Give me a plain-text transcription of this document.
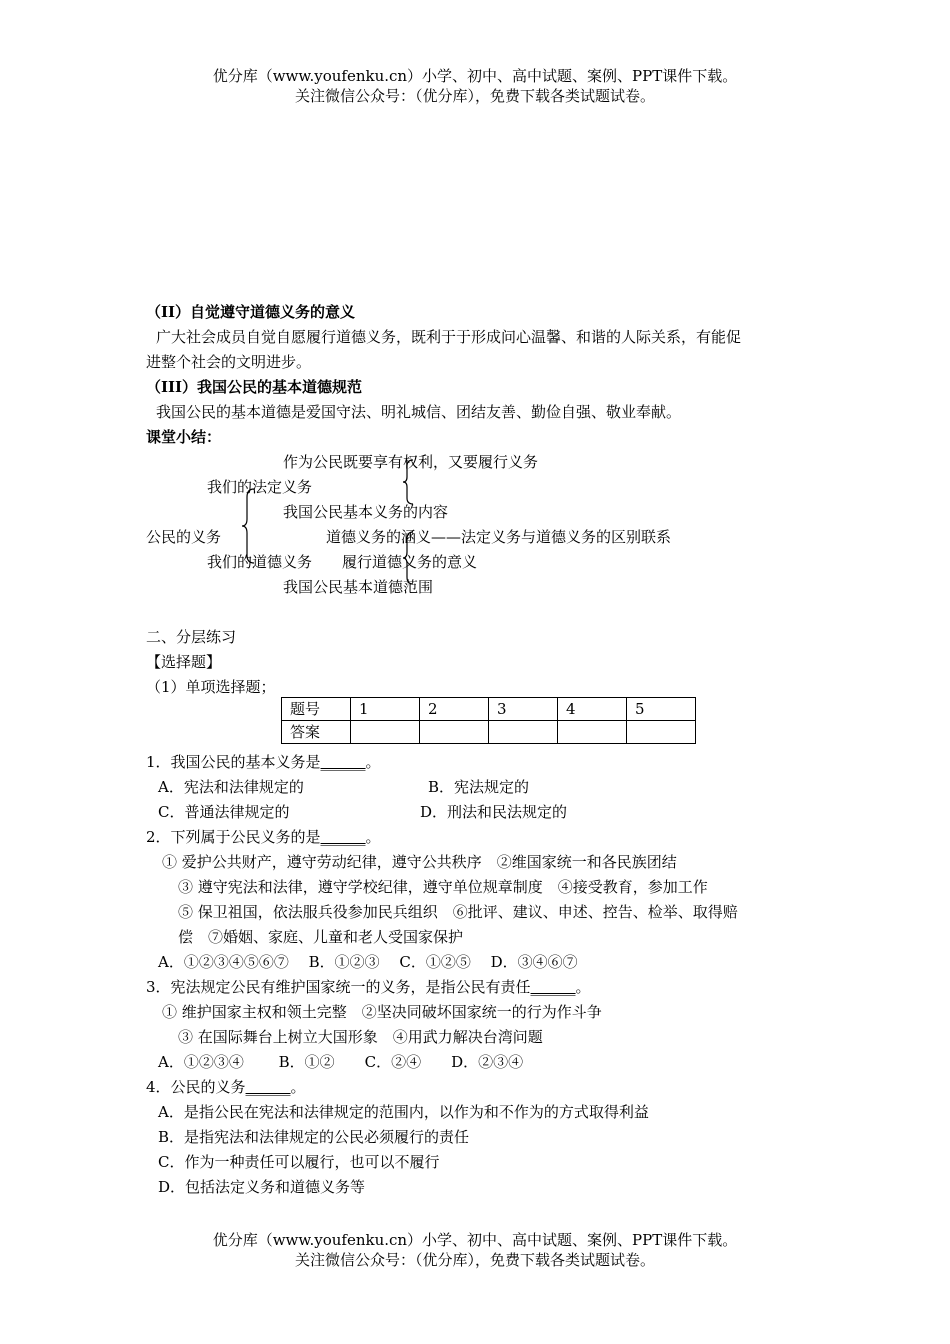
优分库（www.youfenku.cn）小学、初中、高中试题、案例、PPT课件下载。
关注微信公众号：（优分库），免费下载各类试题试卷。
（II）自觉遵守道德义务的意义
广大社会成员自觉自愿履行道德义务，既利于于形成问心温馨、和谐的人际关系，有能促
进整个社会的文明进步。
（III）我国公民的基本道德规范
我国公民的基本道德是爱国守法、明礼城信、团结友善、勤俭自强、敬业奉献。
课堂小结：
作为公民既要享有权利，又要履行义务
我们的法定义务
我国公民基本义务的内容
公民的义务	道德义务的涵义——法定义务与道德义务的区别联系
我们的道德义务 履行道德义务的意义
我国公民基本道德范围
二、分层练习
【选择题】
（1）单项选择题；
题号	1	2	3	4	5
答案					
1．我国公民的基本义务是______。
A．宪法和法律规定的	B．宪法规定的
C．普通法律规定的	D．刑法和民法规定的
2．下列属于公民义务的是______。
① 爱护公共财产，遵守劳动纪律，遵守公共秩序　②维国家统一和各民族团结
③ 遵守宪法和法律，遵守学校纪律，遵守单位规章制度　④接受教育，参加工作
⑤ 保卫祖国，依法服兵役参加民兵组织　⑥批评、建议、申述、控告、检举、取得赔
偿　⑦婚姻、家庭、儿童和老人受国家保护
A．①②③④⑤⑥⑦　 B．①②③　 C．①②⑤　 D．③④⑥⑦
3．宪法规定公民有维护国家统一的义务，是指公民有责任______。
① 维护国家主权和领土完整　②坚决同破坏国家统一的行为作斗争
③ 在国际舞台上树立大国形象　④用武力解决台湾问题
A．①②③④　　 B．①②　　C．②④　　D．②③④
4．公民的义务______。
A．是指公民在宪法和法律规定的范围内，以作为和不作为的方式取得利益
B．是指宪法和法律规定的公民必须履行的责任
C．作为一种责任可以履行，也可以不履行
D．包括法定义务和道德义务等
优分库（www.youfenku.cn）小学、初中、高中试题、案例、PPT课件下载。
关注微信公众号：（优分库），免费下载各类试题试卷。
